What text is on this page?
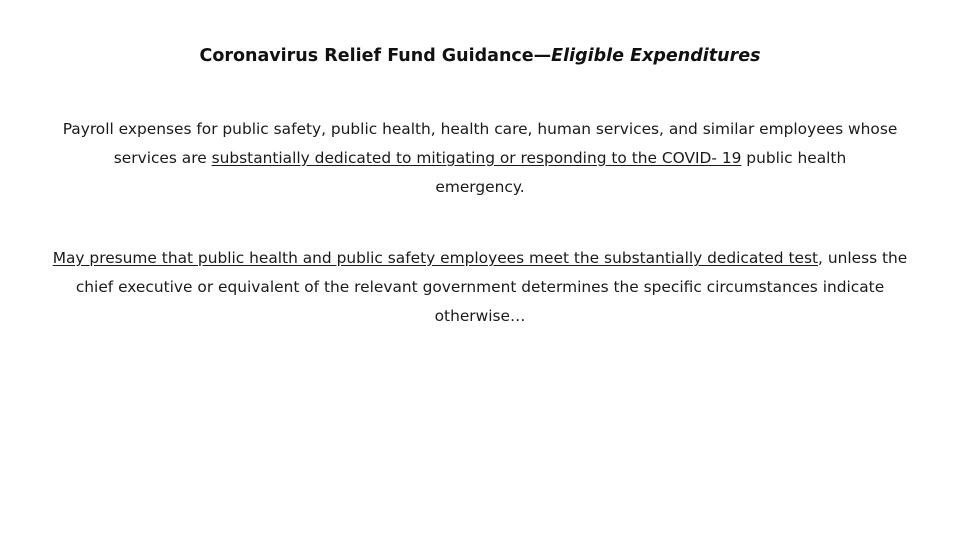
Coronavirus Relief Fund Guidance—Eligible Expenditures
Payroll expenses for public safety, public health, health care, human services, and similar employees whose
services are substantially dedicated to mitigating or responding to the COVID- 19 public health
emergency.
May presume that public health and public safety employees meet the substantially dedicated test, unless the
chief executive or equivalent of the relevant government determines the specific circumstances indicate
otherwise…
